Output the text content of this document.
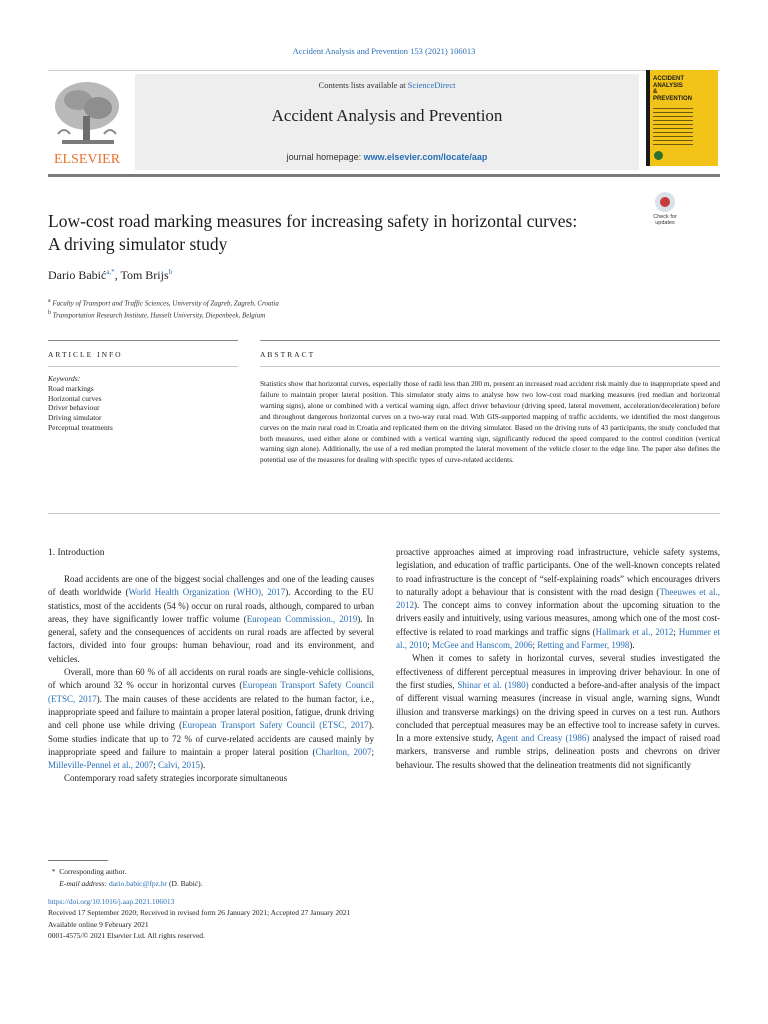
Accident Analysis and Prevention 153 (2021) 106013
ELSEVIER
Contents lists available at ScienceDirect
Accident Analysis and Prevention
journal homepage: www.elsevier.com/locate/aap
ACCIDENT
ANALYSIS
&
PREVENTION
Check for updates
Low-cost road marking measures for increasing safety in horizontal curves:
A driving simulator study
Dario Babić$^{a,*}$, Tom Brijs$^b$
$^a$ Faculty of Transport and Traffic Sciences, University of Zagreb, Zagreb, Croatia
$^b$ Transportation Research Institute, Hasselt University, Diepenbeek, Belgium
ARTICLE INFO	ABSTRACT
Keywords:
Road markings
Horizontal curves
Driver behaviour
Driving simulator
Perceptual treatments
Statistics show that horizontal curves, especially those of radii less than 200 m, present an increased road accident risk mainly due to inappropriate speed and failure to maintain proper lateral position. This simulator study aims to analyse how two low-cost road marking measures (red median and horizontal warning signs), alone or combined with a vertical warning sign, affect driver behaviour (driving speed, lateral movement, acceleration/deceleration) before and throughout dangerous horizontal curves on a two-way rural road. With GIS-supported mapping of traffic accidents, we identified the most dangerous curves on the main rural road in Croatia and replicated them on the driving simulator. Based on the driving runs of 43 participants, the study concluded that both measures, used either alone or combined with a vertical warning sign, significantly reduced the speed compared to the control condition (vertical warning sign alone). Additionally, the use of a red median prompted the lateral movement of the vehicle closer to the edge line. The paper also defines the potential use of the measures for dealing with specific types of curve-related accidents.
1. Introduction

Road accidents are one of the biggest social challenges and one of the leading causes of death worldwide (World Health Organization (WHO), 2017). According to the EU statistics, most of the accidents (54 %) occur on rural roads, although, compared to urban areas, they have significantly lower traffic volume (European Commission., 2019). In general, safety and the consequences of accidents on rural roads are affected by several factors, divided into four groups: human behaviour, road and its environment, and vehicles.

Overall, more than 60 % of all accidents on rural roads are single-vehicle collisions, of which around 32 % occur in horizontal curves (European Transport Safety Council (ETSC, 2017). The main causes of these accidents are related to the human factor, i.e., inappropriate speed and failure to maintain a proper lateral position, fatigue, drunk driving and cell phone use while driving (European Transport Safety Council (ETSC, 2017). Some studies indicate that up to 72 % of curve-related accidents are caused mainly by inappropriate speed and failure to maintain a proper lateral position (Charlton, 2007; Milleville-Pennel et al., 2007; Calvi, 2015).

Contemporary road safety strategies incorporate simultaneous

proactive approaches aimed at improving road infrastructure, vehicle safety systems, legislation, and education of traffic participants. One of the well-known concepts related to road infrastructure is the concept of “self-explaining roads” which encourages drivers to naturally adopt a behaviour that is consistent with the road design (Theeuwes et al., 2012). The concept aims to convey information about the upcoming situation to the drivers easily and intuitively, using various measures, among which one of the most cost-effective is related to road markings and traffic signs (Hallmark et al., 2012; Hummer et al., 2010; McGee and Hanscom, 2006; Retting and Farmer, 1998).

When it comes to safety in horizontal curves, several studies investigated the effectiveness of different perceptual measures in improving driver behaviour. In one of the first studies, Shinar et al. (1980) conducted a before-and-after analysis of the impact of different visual warning measures (increase in visual angle, warning signs, Wundt illusion and transverse markings) on the driving speed in curves on a test run. Authors concluded that perceptual measures may be an effective tool to increase safety in curves. In a more extensive study, Agent and Creasy (1986) analysed the impact of raised road markers, transverse and rumble strips, delineation posts and chevrons on driver behaviour. The results showed that the delineation treatments did not significantly

* Corresponding author.
E-mail address: dario.babic@fpz.hr (D. Babić).
https://doi.org/10.1016/j.aap.2021.106013
Received 17 September 2020; Received in revised form 26 January 2021; Accepted 27 January 2021
Available online 9 February 2021
0001-4575/© 2021 Elsevier Ltd. All rights reserved.
